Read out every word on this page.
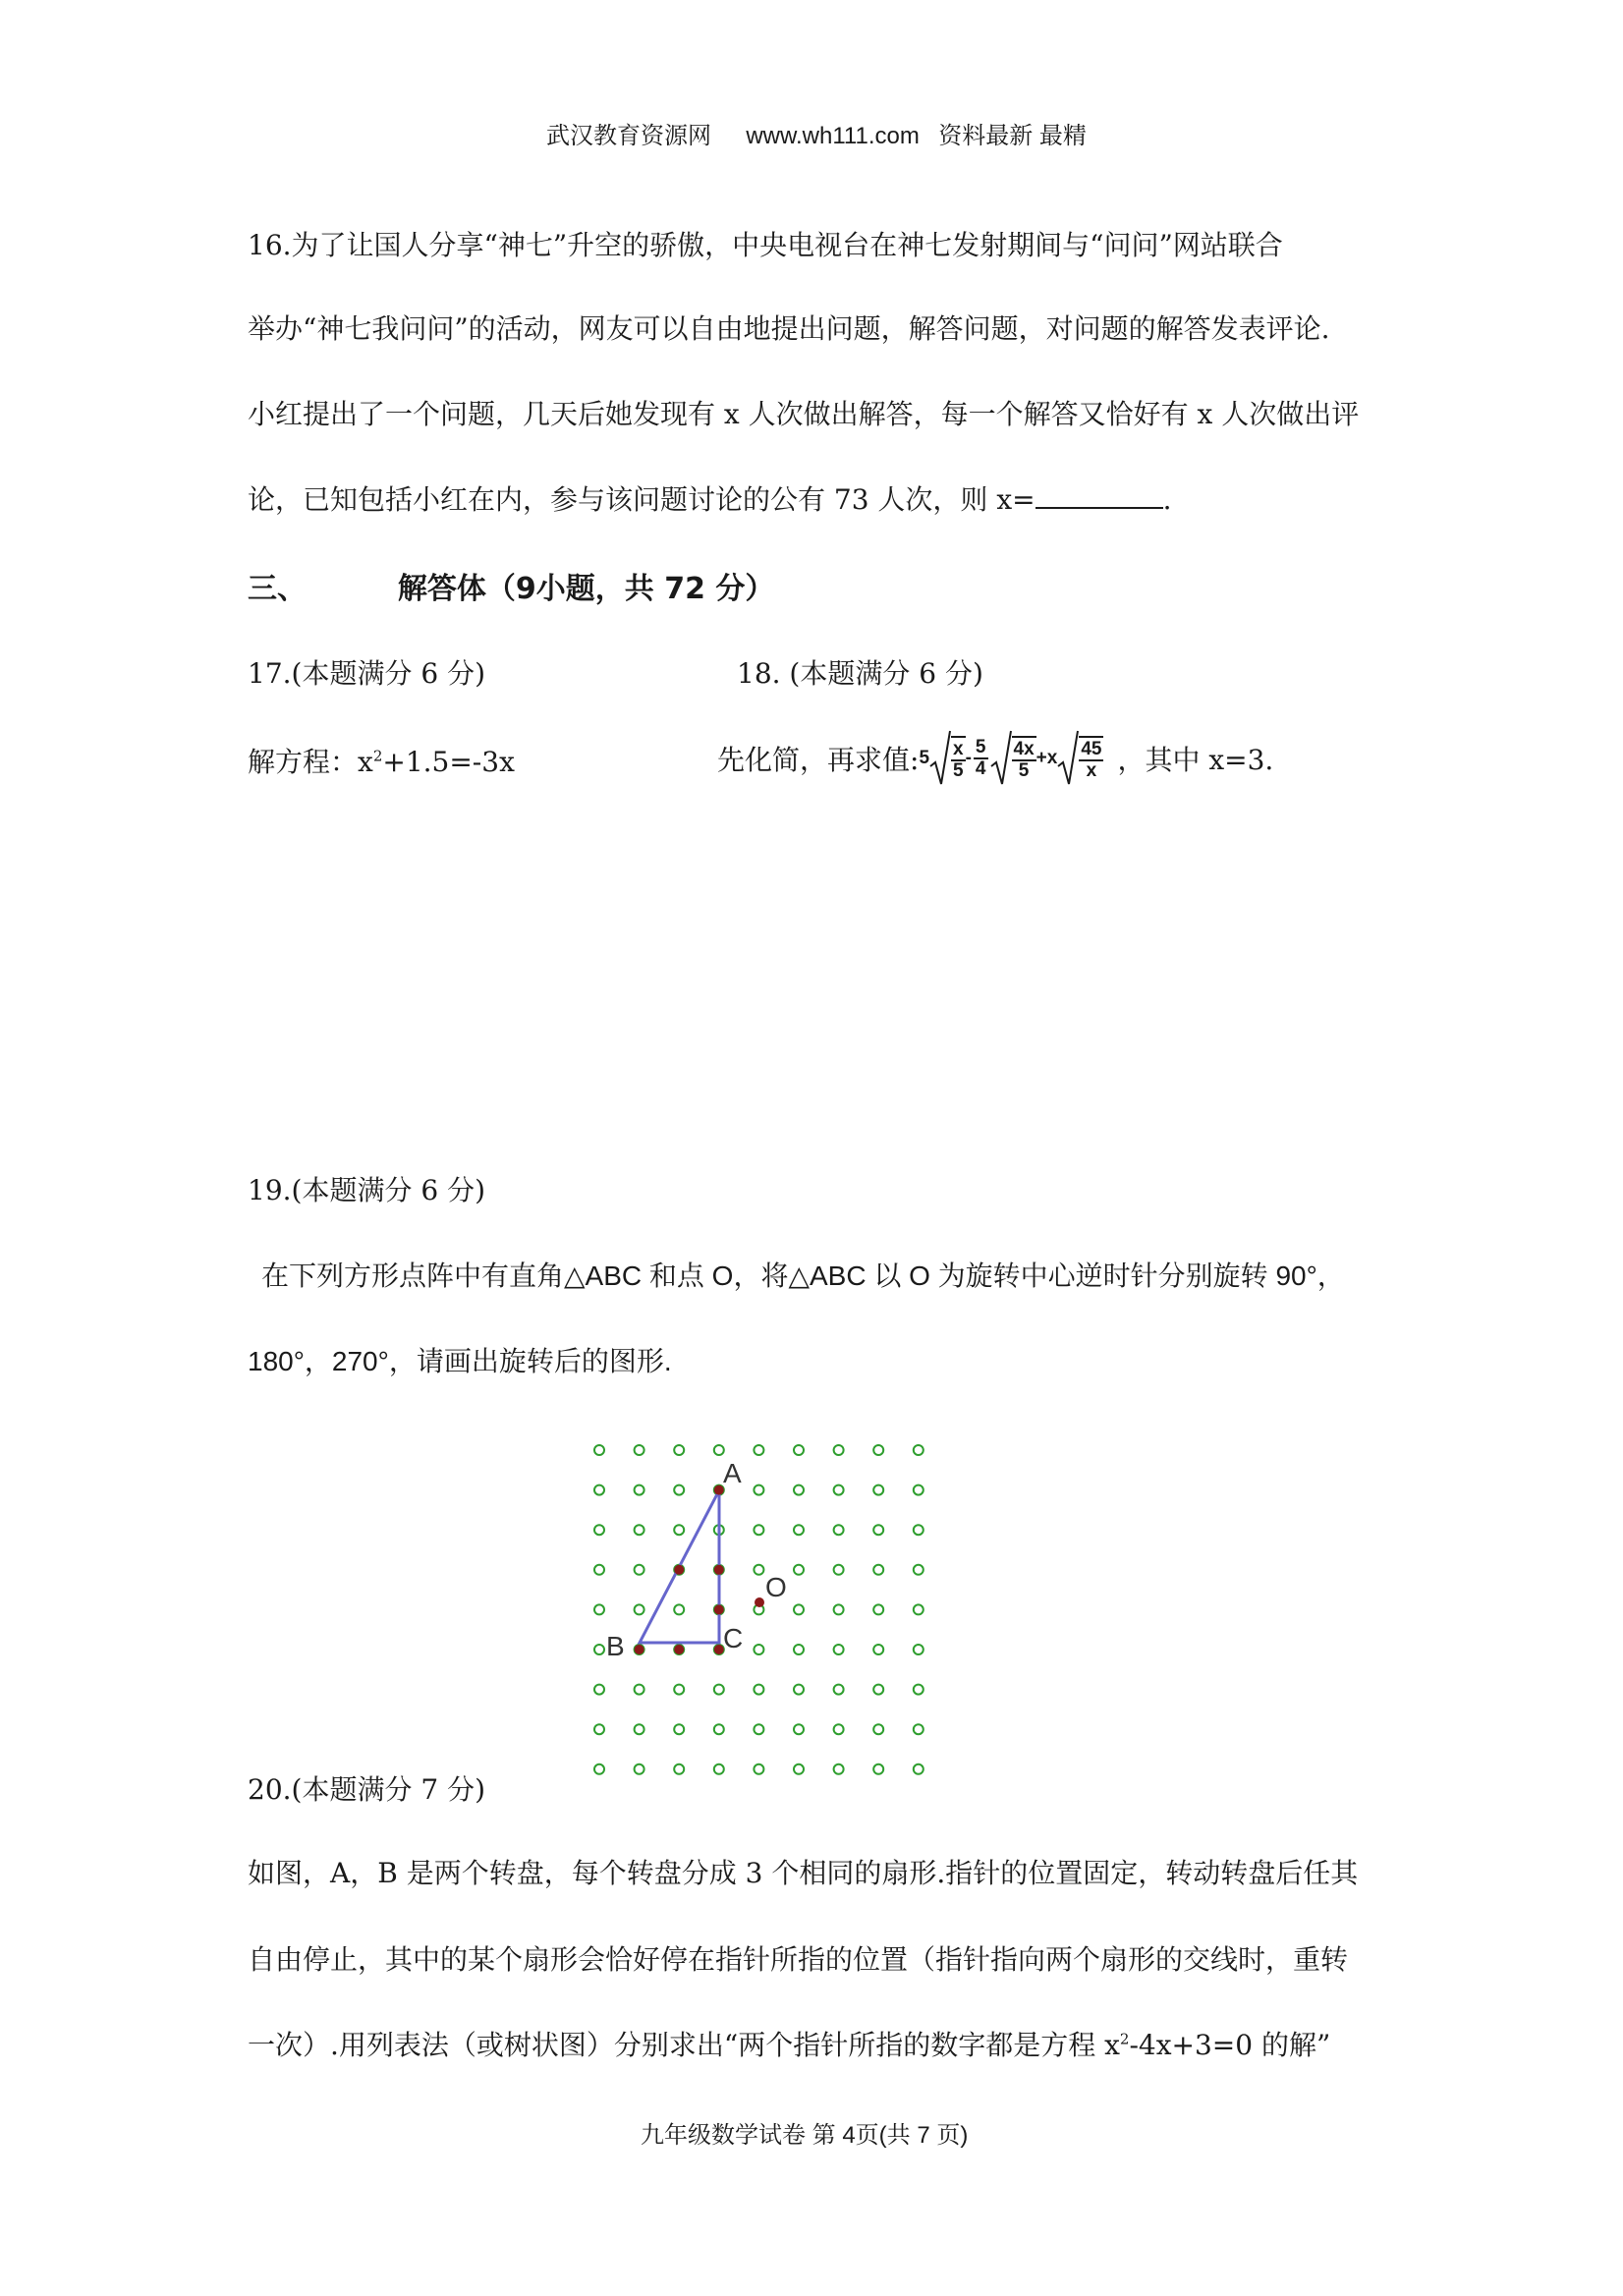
武汉教育资源网 www.wh111.com 资料最新 最精
16.为了让国人分享“神七”升空的骄傲，中央电视台在神七发射期间与“问问”网站联合
举办“神七我问问”的活动，网友可以自由地提出问题，解答问题，对问题的解答发表评论.
小红提出了一个问题，几天后她发现有 x 人次做出解答，每一个解答又恰好有 x 人次做出评
论，已知包括小红在内，参与该问题讨论的公有 73 人次，则 x=	.
三、	解答体（9小题，共 72 分）
17.(本题满分 6 分)	18. (本题满分 6 分)
解方程：$x^2+1.5=-3x$	先化简，再求值: $5 \frac{x}{5} - \frac{5}{4} \frac{4x}{5} +x \frac{45}{x}$ ，其中 x=3.
19.(本题满分 6 分)
在下列方形点阵中有直角△ABC 和点 O，将△ABC 以 O 为旋转中心逆时针分别旋转 90°，
180°，270°，请画出旋转后的图形.
A
B	C
O
20.(本题满分 7 分)
如图，A，B 是两个转盘，每个转盘分成 3 个相同的扇形.指针的位置固定，转动转盘后任其
自由停止，其中的某个扇形会恰好停在指针所指的位置（指针指向两个扇形的交线时，重转
一次）.用列表法（或树状图）分别求出“两个指针所指的数字都是方程 $x^2-4x+3=0$ 的解”
九年级数学试卷 第 4页(共 7 页)
